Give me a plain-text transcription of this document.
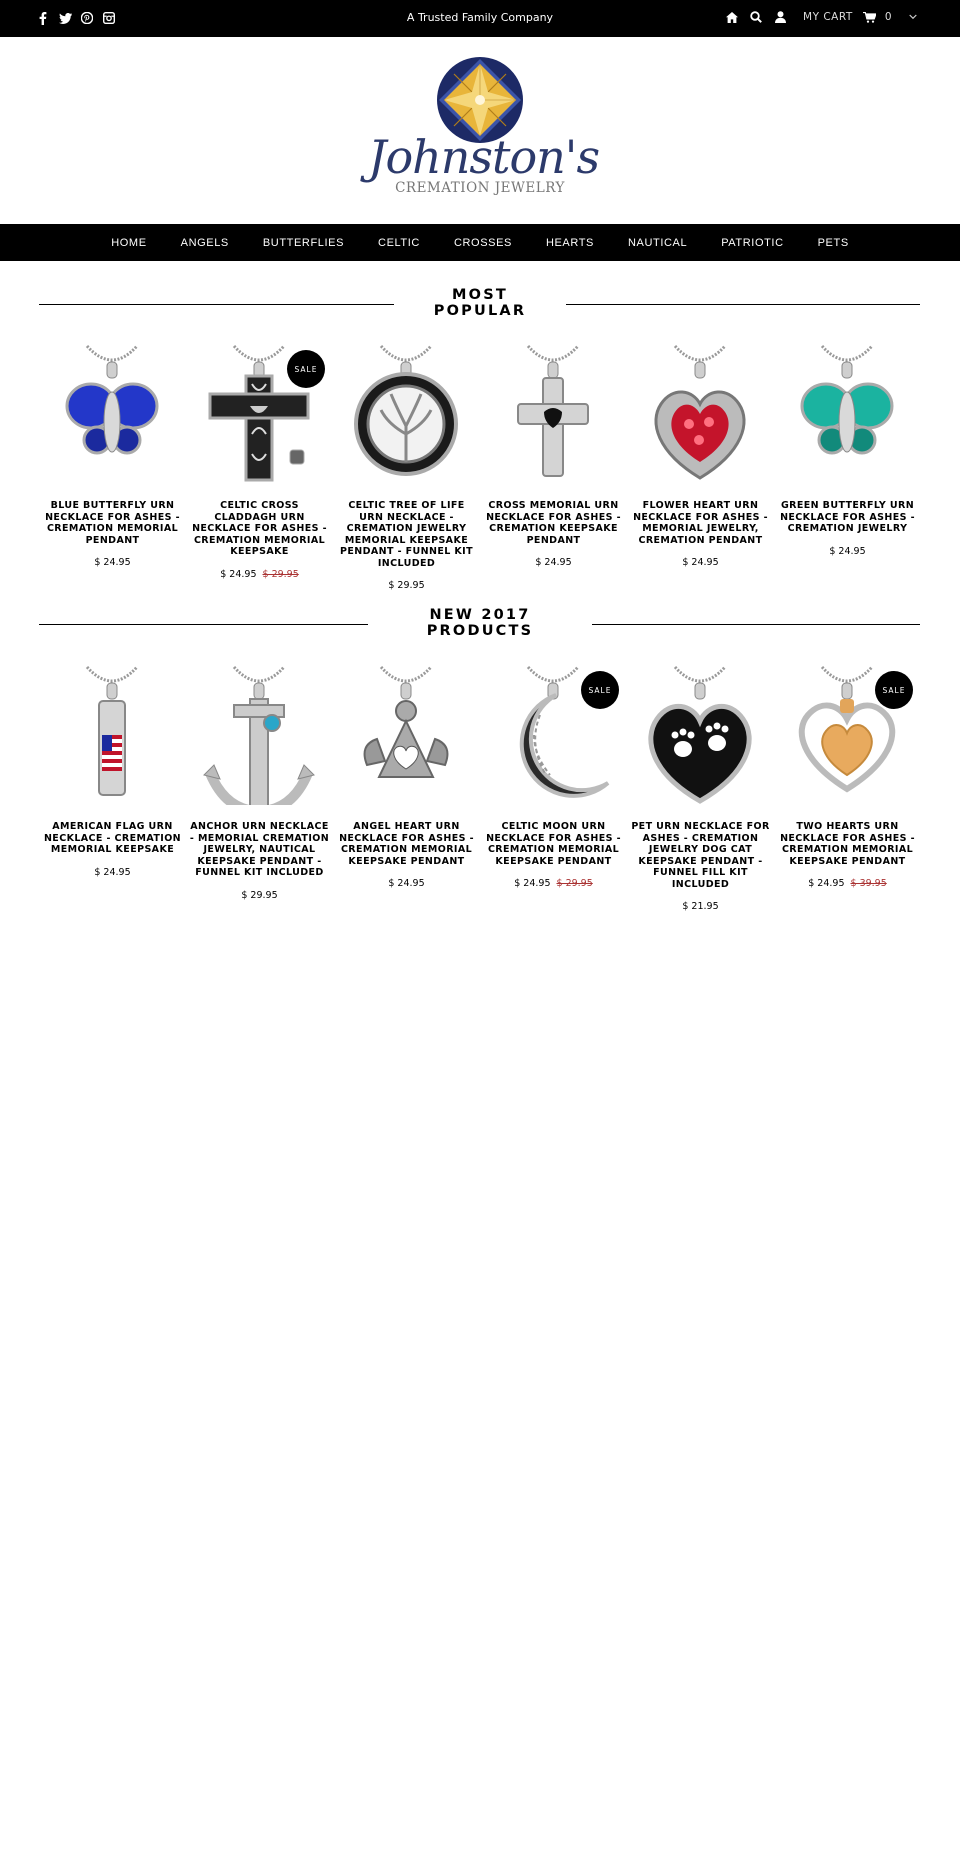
A Trusted Family Company	MY CART	0
Johnston's
CREMATION JEWELRY
HOME	ANGELS	BUTTERFLIES	CELTIC	CROSSES	HEARTS	NAUTICAL	PATRIOTIC	PETS
MOST
POPULAR
BLUE BUTTERFLY URN NECKLACE FOR ASHES - CREMATION MEMORIAL PENDANT
$ 24.95
SALE
CELTIC CROSS CLADDAGH URN NECKLACE FOR ASHES - CREMATION MEMORIAL KEEPSAKE
$ 24.95 $ 29.95
CELTIC TREE OF LIFE URN NECKLACE - CREMATION JEWELRY MEMORIAL KEEPSAKE PENDANT - FUNNEL KIT INCLUDED
$ 29.95
CROSS MEMORIAL URN NECKLACE FOR ASHES - CREMATION KEEPSAKE PENDANT
$ 24.95
FLOWER HEART URN NECKLACE FOR ASHES - MEMORIAL JEWELRY, CREMATION PENDANT
$ 24.95
GREEN BUTTERFLY URN NECKLACE FOR ASHES - CREMATION JEWELRY
$ 24.95
NEW 2017
PRODUCTS
AMERICAN FLAG URN NECKLACE - CREMATION MEMORIAL KEEPSAKE
$ 24.95
ANCHOR URN NECKLACE - MEMORIAL CREMATION JEWELRY, NAUTICAL KEEPSAKE PENDANT - FUNNEL KIT INCLUDED
$ 29.95
ANGEL HEART URN NECKLACE FOR ASHES - CREMATION MEMORIAL KEEPSAKE PENDANT
$ 24.95
SALE
CELTIC MOON URN NECKLACE FOR ASHES - CREMATION MEMORIAL KEEPSAKE PENDANT
$ 24.95 $ 29.95
PET URN NECKLACE FOR ASHES - CREMATION JEWELRY DOG CAT KEEPSAKE PENDANT - FUNNEL FILL KIT INCLUDED
$ 21.95
SALE
TWO HEARTS URN NECKLACE FOR ASHES - CREMATION MEMORIAL KEEPSAKE PENDANT
$ 24.95 $ 39.95
